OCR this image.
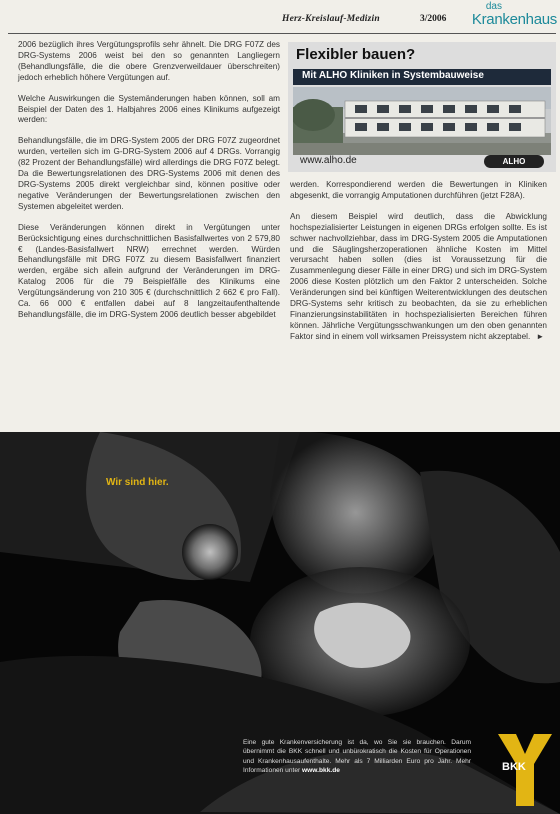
Herz-Kreislauf-Medizin	3/2006
das
Krankenhaus

2006 bezüglich ihres Vergütungsprofils sehr ähnelt. Die DRG F07Z des DRG-Systems 2006 weist bei den so genannten Langliegern (Behandlungsfälle, die die obere Grenzverweildauer überschreiten) jedoch erheblich höhere Vergütungen auf.

Welche Auswirkungen die Systemänderungen haben können, soll am Beispiel der Daten des 1. Halbjahres 2006 eines Klinikums aufgezeigt werden:

Behandlungsfälle, die im DRG-System 2005 der DRG F07Z zugeordnet wurden, verteilen sich im G-DRG-System 2006 auf 4 DRGs. Vorrangig (82 Prozent der Behandlungsfälle) wird allerdings die DRG F07Z belegt. Da die Bewertungsrelationen des DRG-Systems 2006 mit denen des DRG-Systems 2005 direkt vergleichbar sind, können positive oder negative Veränderungen der Bewertungsrelationen zwischen den Systemen abgeleitet werden.

Diese Veränderungen können direkt in Vergütungen unter Berücksichtigung eines durchschnittlichen Basisfallwertes von 2 579,80 € (Landes-Basisfallwert NRW) errechnet werden. Würden Behandlungsfälle mit DRG F07Z zu diesem Basisfallwert finanziert werden, ergäbe sich allein aufgrund der Veränderungen im DRG-Katalog 2006 für die 79 Beispielfälle des Klinikums eine Vergütungsänderung von 210 305 € (durchschnittlich 2 662 € pro Fall). Ca. 66 000 € entfallen dabei auf 8 langzeitaufenthaltende Behandlungsfälle, die im DRG-System 2006 deutlich besser abgebildet

Flexibler bauen?
Mit ALHO Kliniken in Systembauweise
www.alho.de	ALHO

werden. Korrespondierend werden die Bewertungen in Kliniken abgesenkt, die vorrangig Amputationen durchführen (jetzt F28A).

An diesem Beispiel wird deutlich, dass die Abwicklung hochspezialisierter Leistungen in eigenen DRGs erfolgen sollte. Es ist schwer nachvollziehbar, dass im DRG-System 2005 die Amputationen und die Säuglingsherzoperationen ähnliche Kosten im Mittel verursacht haben sollen (dies ist Voraussetzung für die Zusammenlegung dieser Fälle in einer DRG) und sich im DRG-System 2006 diese Kosten plötzlich um den Faktor 2 unterscheiden. Solche Veränderungen sind bei künftigen Weiterentwicklungen des deutschen DRG-Systems sehr kritisch zu beobachten, da sie zu erheblichen Finanzierungsinstabilitäten in hochspezialisierten Bereichen führen können. Jährliche Vergütungsschwankungen um den oben genannten Faktor sind in einem voll wirksamen Preissystem nicht akzeptabel. ►

Wir sind hier.
Eine gute Krankenversicherung ist da, wo Sie sie brauchen. Darum übernimmt die BKK schnell und unbürokratisch die Kosten für Operationen und Krankenhausaufenthalte. Mehr als 7 Milliarden Euro pro Jahr. Mehr Informationen unter www.bkk.de	BKK
